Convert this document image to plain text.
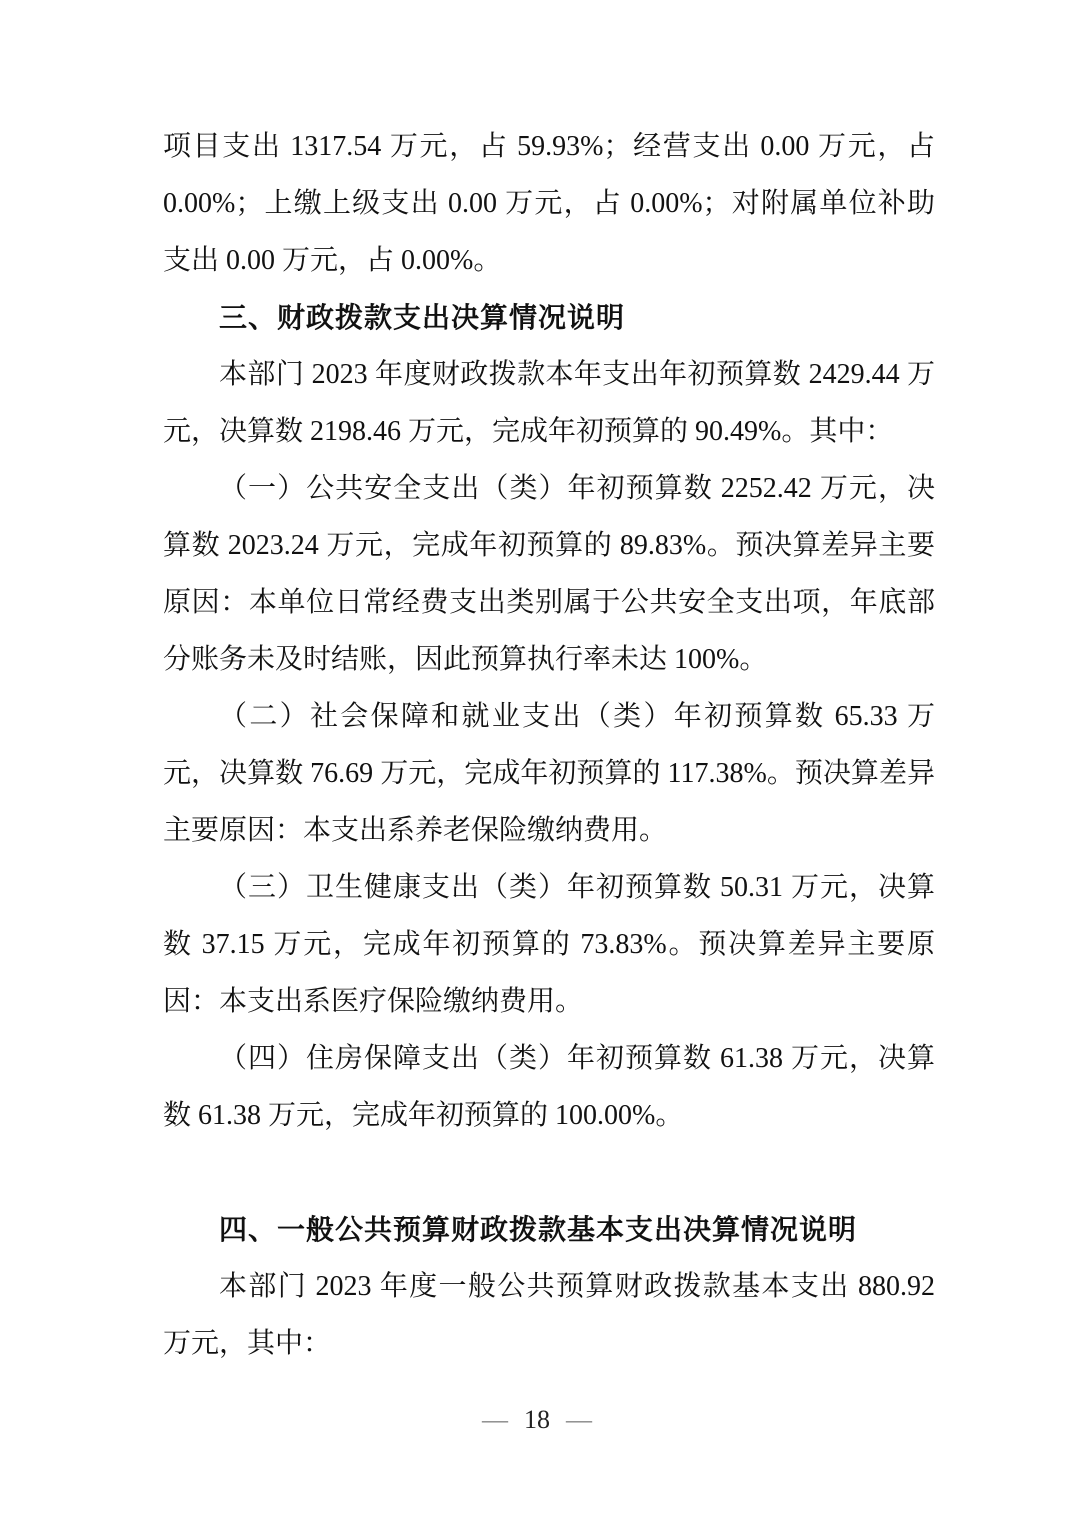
项目支出 1317.54 万元，占 59.93%；经营支出 0.00 万元，占 0.00%；上缴上级支出 0.00 万元，占 0.00%；对附属单位补助支出 0.00 万元，占 0.00%。

三、财政拨款支出决算情况说明

本部门 2023 年度财政拨款本年支出年初预算数 2429.44 万元，决算数 2198.46 万元，完成年初预算的 90.49%。其中：

（一）公共安全支出（类）年初预算数 2252.42 万元，决算数 2023.24 万元，完成年初预算的 89.83%。预决算差异主要原因：本单位日常经费支出类别属于公共安全支出项，年底部分账务未及时结账，因此预算执行率未达 100%。

（二）社会保障和就业支出（类）年初预算数 65.33 万元，决算数 76.69 万元，完成年初预算的 117.38%。预决算差异主要原因：本支出系养老保险缴纳费用。

（三）卫生健康支出（类）年初预算数 50.31 万元，决算数 37.15 万元，完成年初预算的 73.83%。预决算差异主要原因：本支出系医疗保险缴纳费用。

（四）住房保障支出（类）年初预算数 61.38 万元，决算数 61.38 万元，完成年初预算的 100.00%。

四、一般公共预算财政拨款基本支出决算情况说明

本部门 2023 年度一般公共预算财政拨款基本支出 880.92 万元，其中：

— 18 —
